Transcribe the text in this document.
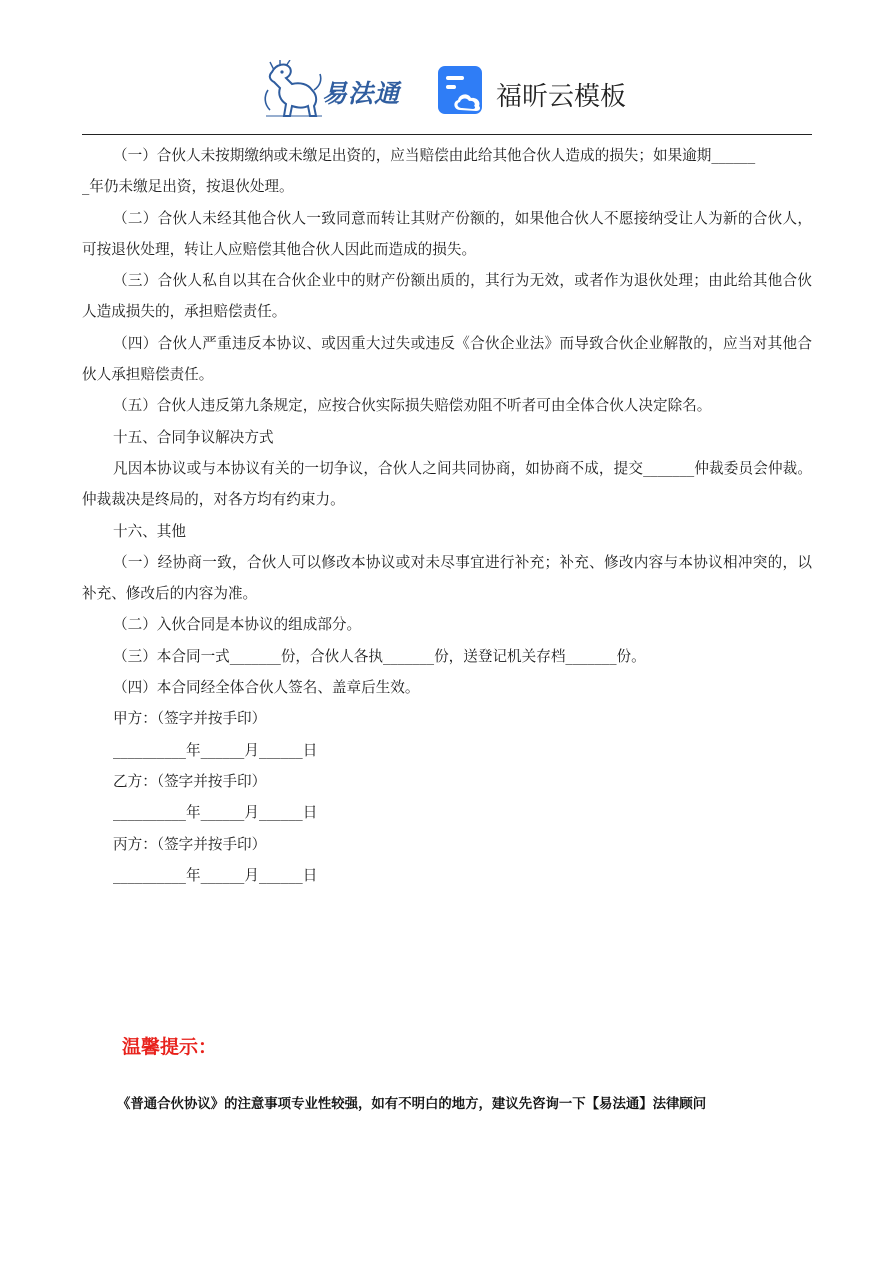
易法通	福昕云模板

（一）合伙人未按期缴纳或未缴足出资的，应当赔偿由此给其他合伙人造成的损失；如果逾期______

_年仍未缴足出资，按退伙处理。

（二）合伙人未经其他合伙人一致同意而转让其财产份额的，如果他合伙人不愿接纳受让人为新的合伙人，可按退伙处理，转让人应赔偿其他合伙人因此而造成的损失。

（三）合伙人私自以其在合伙企业中的财产份额出质的，其行为无效，或者作为退伙处理；由此给其他合伙人造成损失的，承担赔偿责任。

（四）合伙人严重违反本协议、或因重大过失或违反《合伙企业法》而导致合伙企业解散的，应当对其他合伙人承担赔偿责任。

（五）合伙人违反第九条规定，应按合伙实际损失赔偿劝阻不听者可由全体合伙人决定除名。

十五、合同争议解决方式

凡因本协议或与本协议有关的一切争议，合伙人之间共同协商，如协商不成，提交_______仲裁委员会仲裁。仲裁裁决是终局的，对各方均有约束力。

十六、其他

（一）经协商一致，合伙人可以修改本协议或对未尽事宜进行补充；补充、修改内容与本协议相冲突的，以补充、修改后的内容为准。

（二）入伙合同是本协议的组成部分。

（三）本合同一式_______份，合伙人各执_______份，送登记机关存档_______份。

（四）本合同经全体合伙人签名、盖章后生效。

甲方：（签字并按手印）

__________年______月______日

乙方：（签字并按手印）

__________年______月______日

丙方：（签字并按手印）

__________年______月______日

温馨提示：
《普通合伙协议》的注意事项专业性较强，如有不明白的地方，建议先咨询一下【易法通】法律顾问
